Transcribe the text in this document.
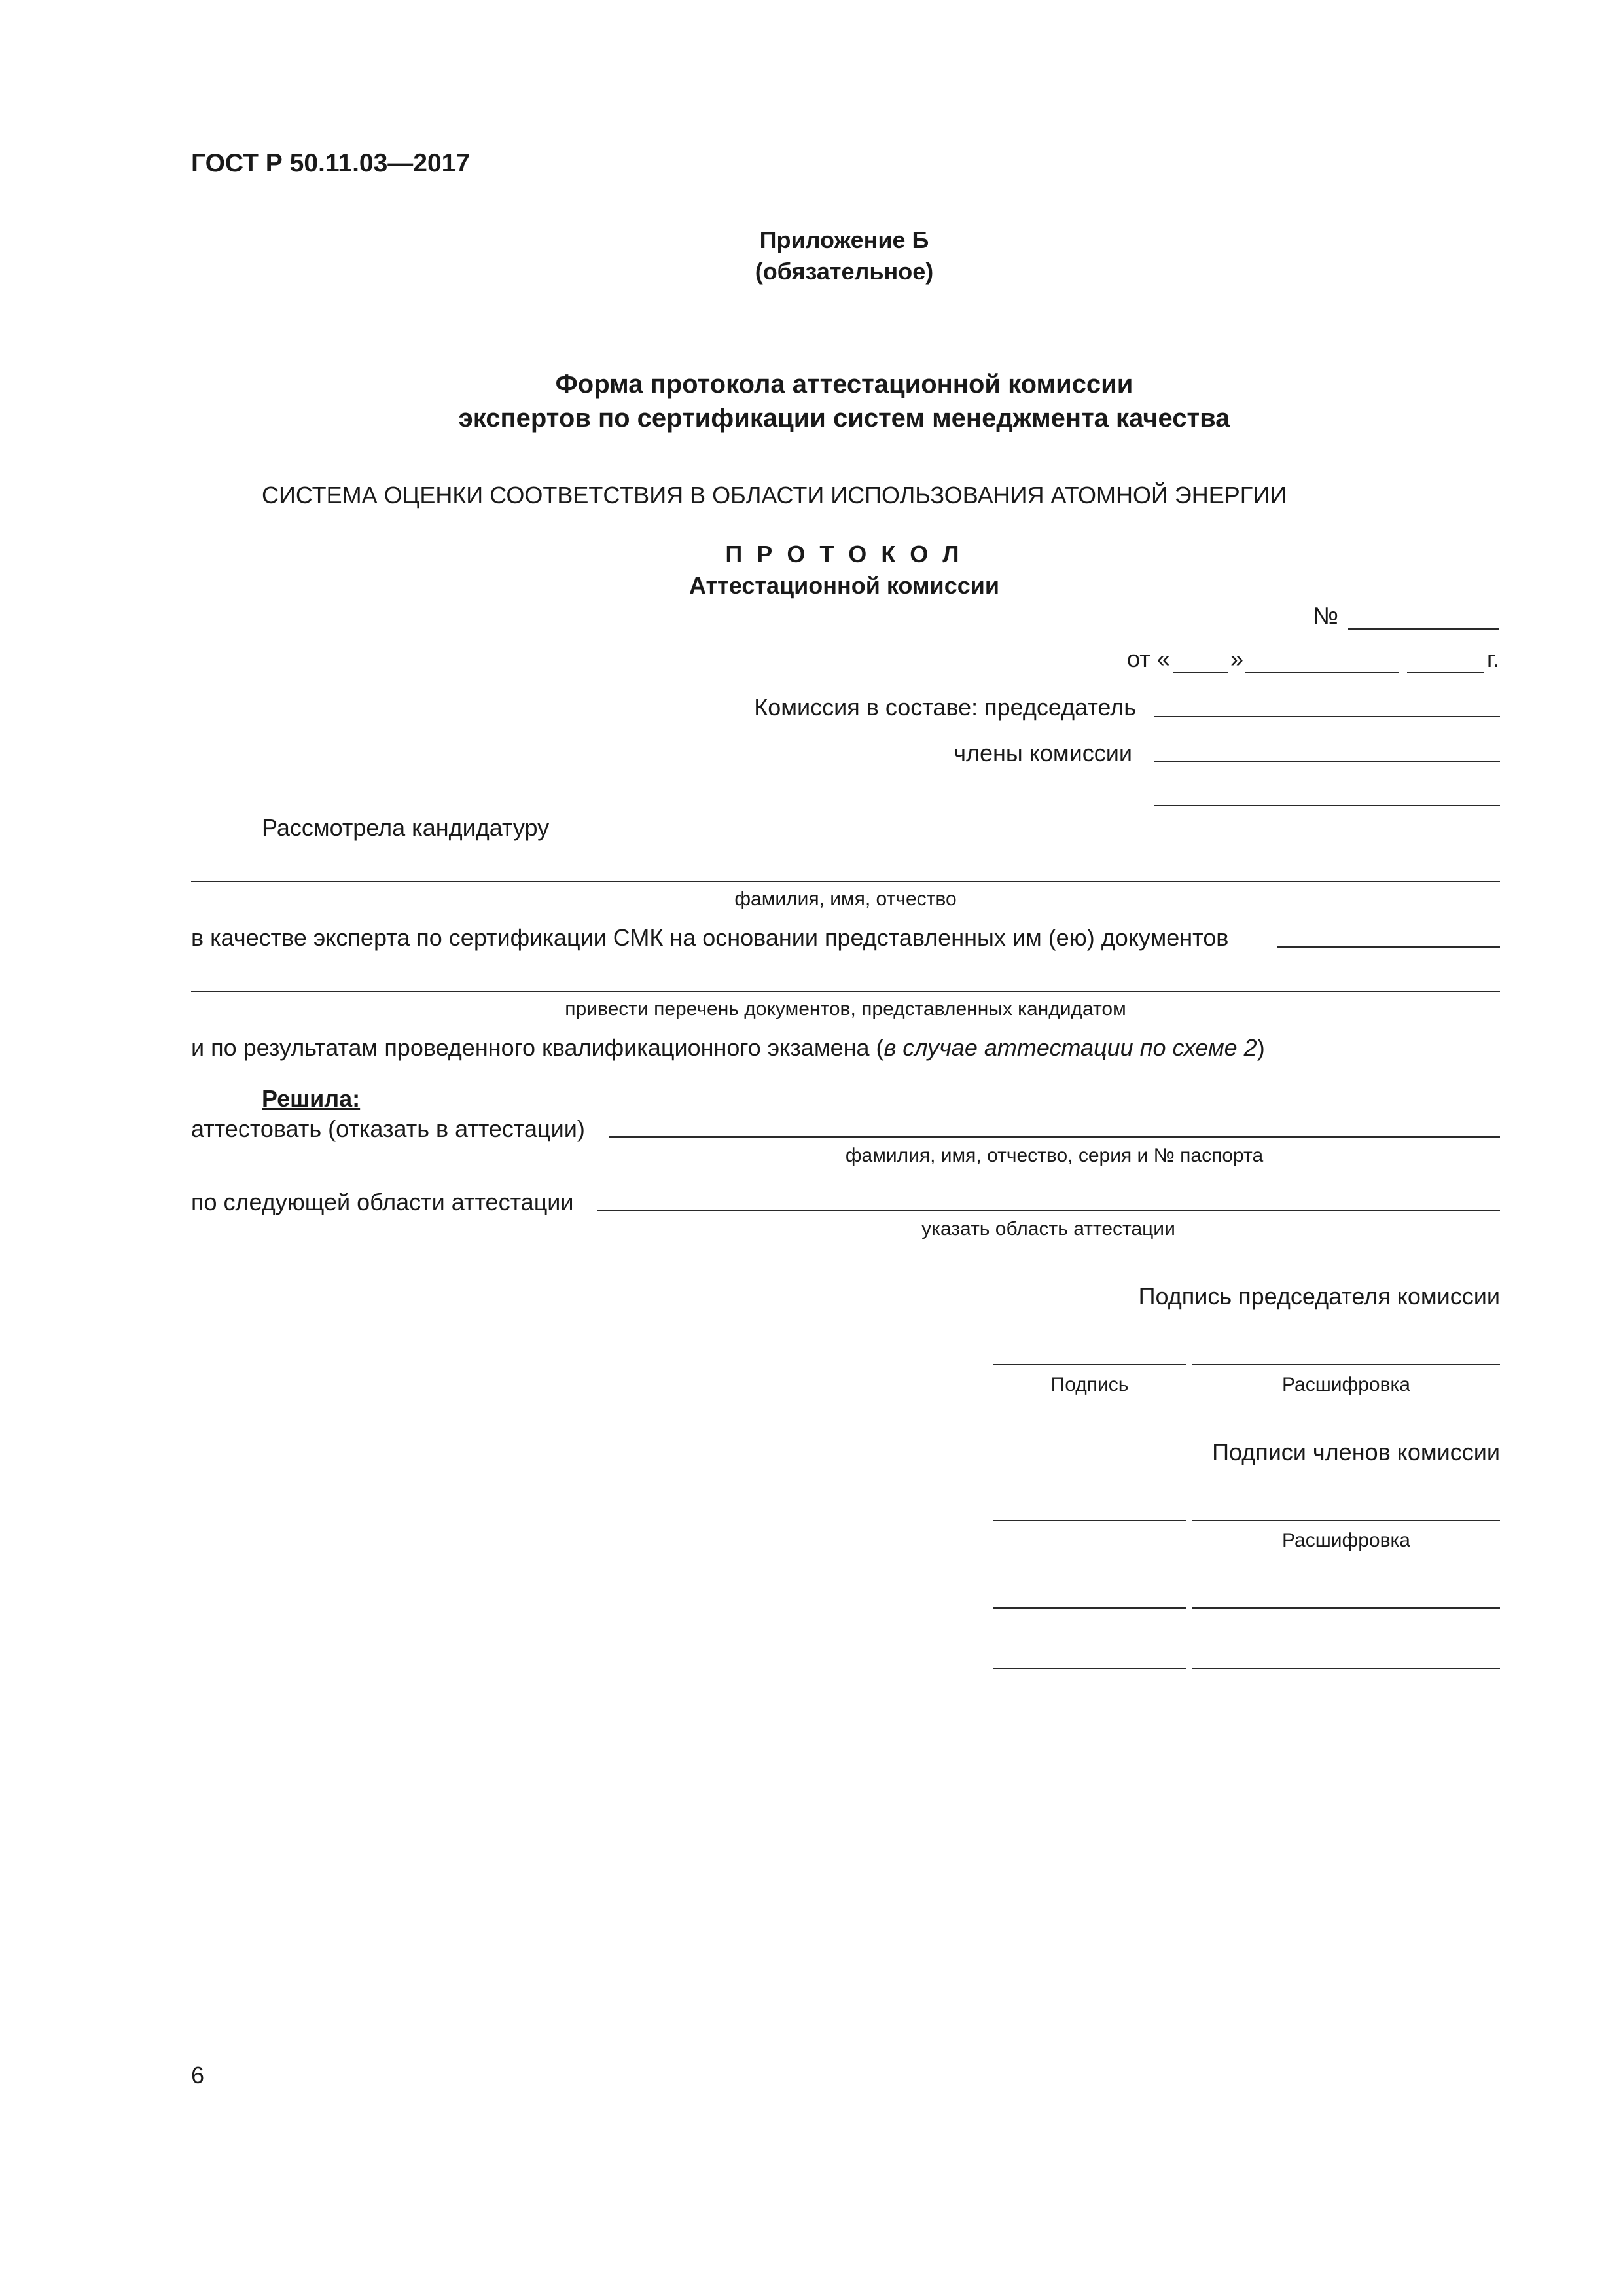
ГОСТ Р 50.11.03—2017
Приложение Б
(обязательное)
Форма протокола аттестационной комиссии
экспертов по сертификации систем менеджмента качества
СИСТЕМА ОЦЕНКИ СООТВЕТСТВИЯ В ОБЛАСТИ ИСПОЛЬЗОВАНИЯ АТОМНОЙ ЭНЕРГИИ
П Р О Т О К О Л
Аттестационной комиссии
№
от «	»	г.
Комиссия в составе: председатель
члены комиссии
Рассмотрела кандидатуру
фамилия, имя, отчество
в качестве эксперта по сертификации СМК на основании представленных им (ею) документов
привести перечень документов, представленных кандидатом
и по результатам проведенного квалификационного экзамена (в случае аттестации по схеме 2)
Решила:
аттестовать (отказать в аттестации)
фамилия, имя, отчество, серия и № паспорта
по следующей области аттестации
указать область аттестации
Подпись председателя комиссии
Подпись	Расшифровка
Подписи членов комиссии
Расшифровка
6
